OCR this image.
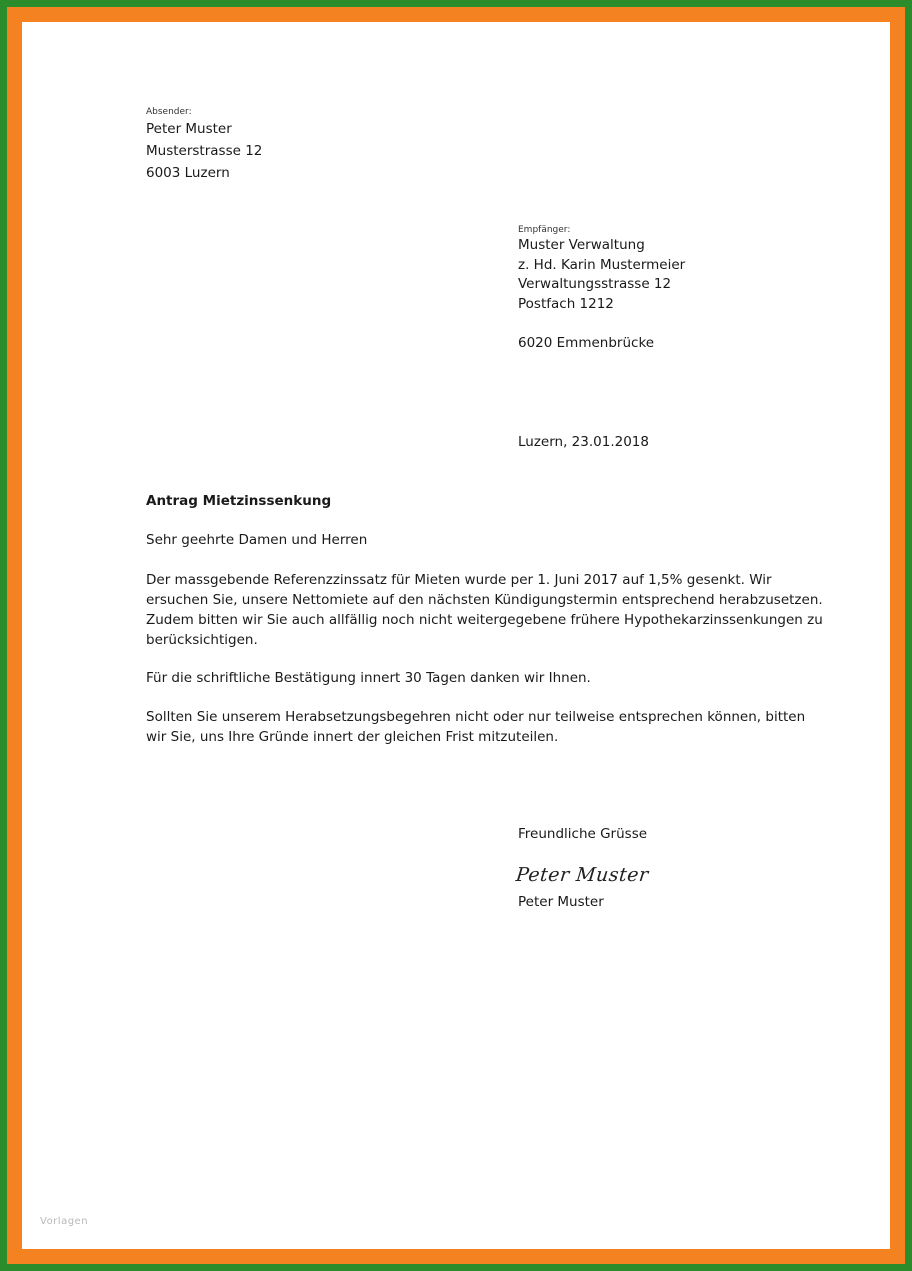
Absender:
Peter Muster
Musterstrasse 12
6003 Luzern
Empfänger:
Muster Verwaltung
z. Hd. Karin Mustermeier
Verwaltungsstrasse 12
Postfach 1212
6020 Emmenbrücke
Luzern, 23.01.2018
Antrag Mietzinssenkung
Sehr geehrte Damen und Herren
Der massgebende Referenzzinssatz für Mieten wurde per 1. Juni 2017 auf 1,5% gesenkt. Wir ersuchen Sie, unsere Nettomiete auf den nächsten Kündigungstermin entsprechend herabzusetzen. Zudem bitten wir Sie auch allfällig noch nicht weitergegebene frühere Hypothekarzinssenkungen zu berücksichtigen.
Für die schriftliche Bestätigung innert 30 Tagen danken wir Ihnen.
Sollten Sie unserem Herabsetzungsbegehren nicht oder nur teilweise entsprechen können, bitten wir Sie, uns Ihre Gründe innert der gleichen Frist mitzuteilen.
Freundliche Grüsse
Peter Muster
Peter Muster
Vorlagen
